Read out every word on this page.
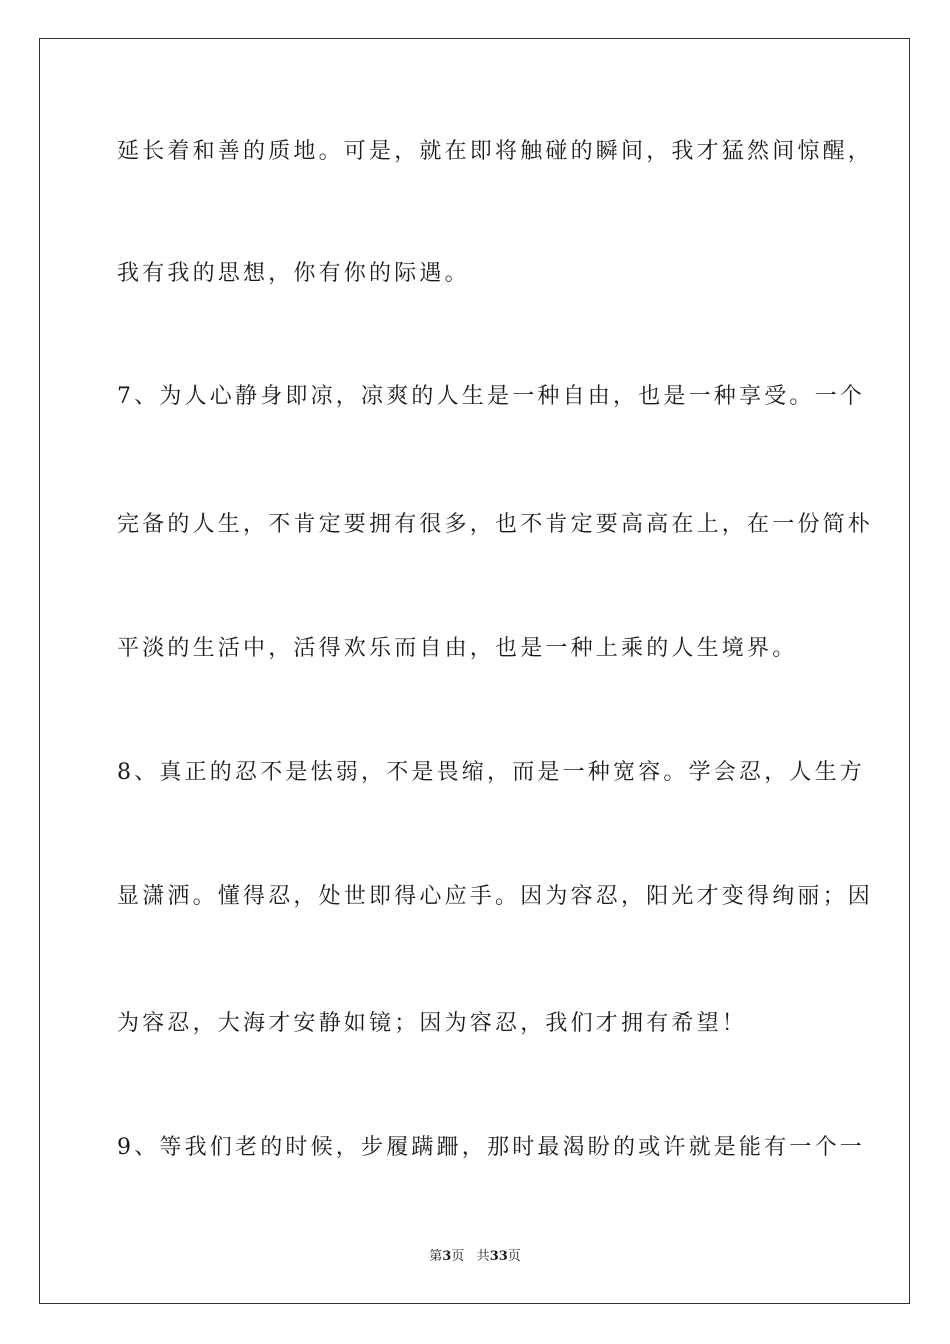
延长着和善的质地。可是，就在即将触碰的瞬间，我才猛然间惊醒，
我有我的思想，你有你的际遇。
7、为人心静身即凉，凉爽的人生是一种自由，也是一种享受。一个
完备的人生，不肯定要拥有很多，也不肯定要高高在上，在一份简朴
平淡的生活中，活得欢乐而自由，也是一种上乘的人生境界。
8、真正的忍不是怯弱，不是畏缩，而是一种宽容。学会忍，人生方
显潇洒。懂得忍，处世即得心应手。因为容忍，阳光才变得绚丽；因
为容忍，大海才安静如镜；因为容忍，我们才拥有希望！
9、等我们老的时候，步履蹒跚，那时最渴盼的或许就是能有一个一
第3页 共33页
